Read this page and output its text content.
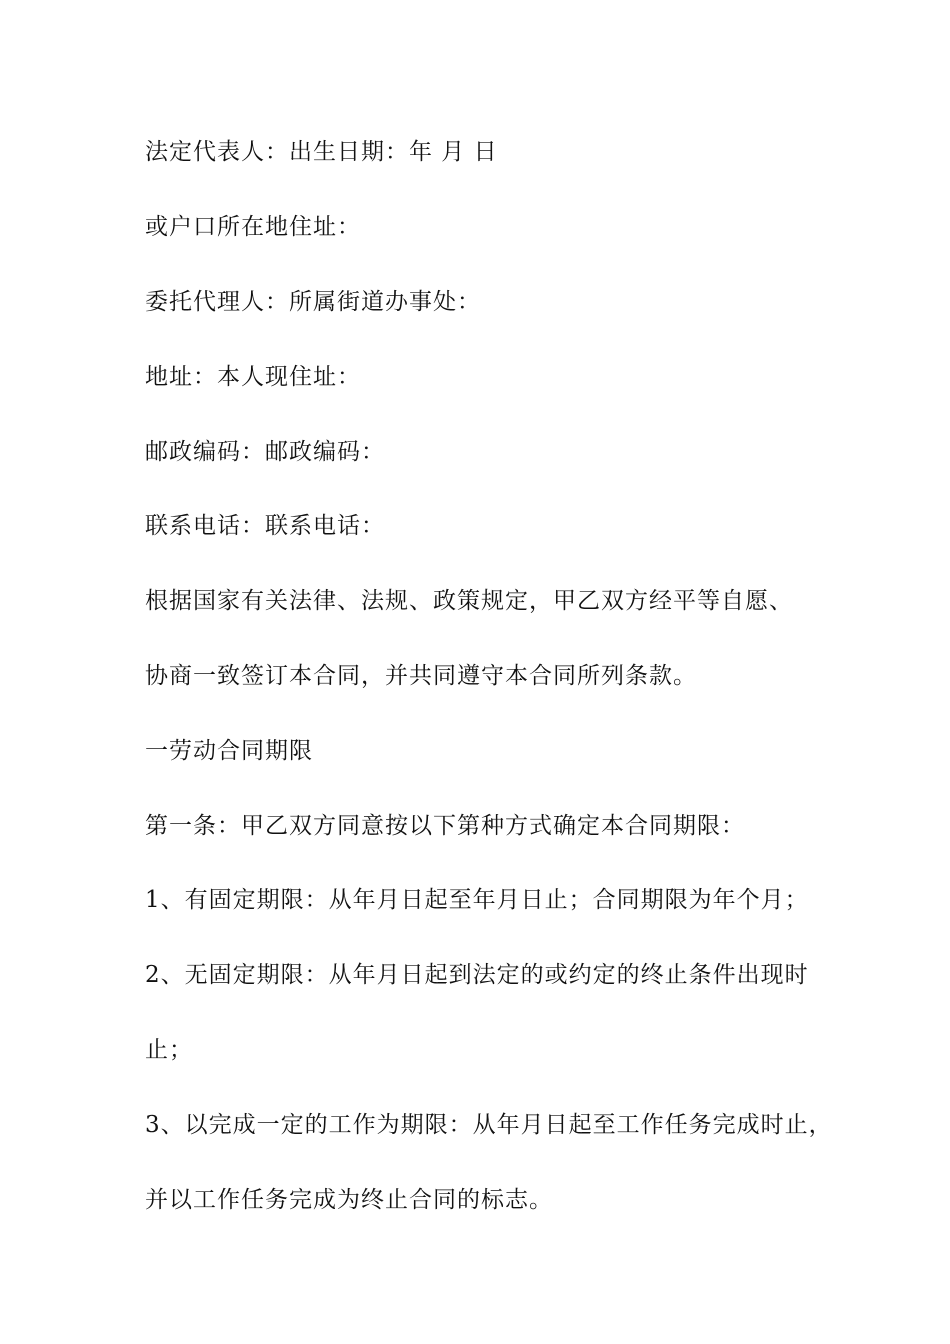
法定代表人：出生日期：年 月 日

或户口所在地住址：

委托代理人：所属街道办事处：

地址：本人现住址：

邮政编码：邮政编码：

联系电话：联系电话：

根据国家有关法律、法规、政策规定，甲乙双方经平等自愿、

协商一致签订本合同，并共同遵守本合同所列条款。

一劳动合同期限

第一条：甲乙双方同意按以下第种方式确定本合同期限：

1、有固定期限：从年月日起至年月日止；合同期限为年个月；

2、无固定期限：从年月日起到法定的或约定的终止条件出现时

止；

3、以完成一定的工作为期限：从年月日起至工作任务完成时止，

并以工作任务完成为终止合同的标志。
